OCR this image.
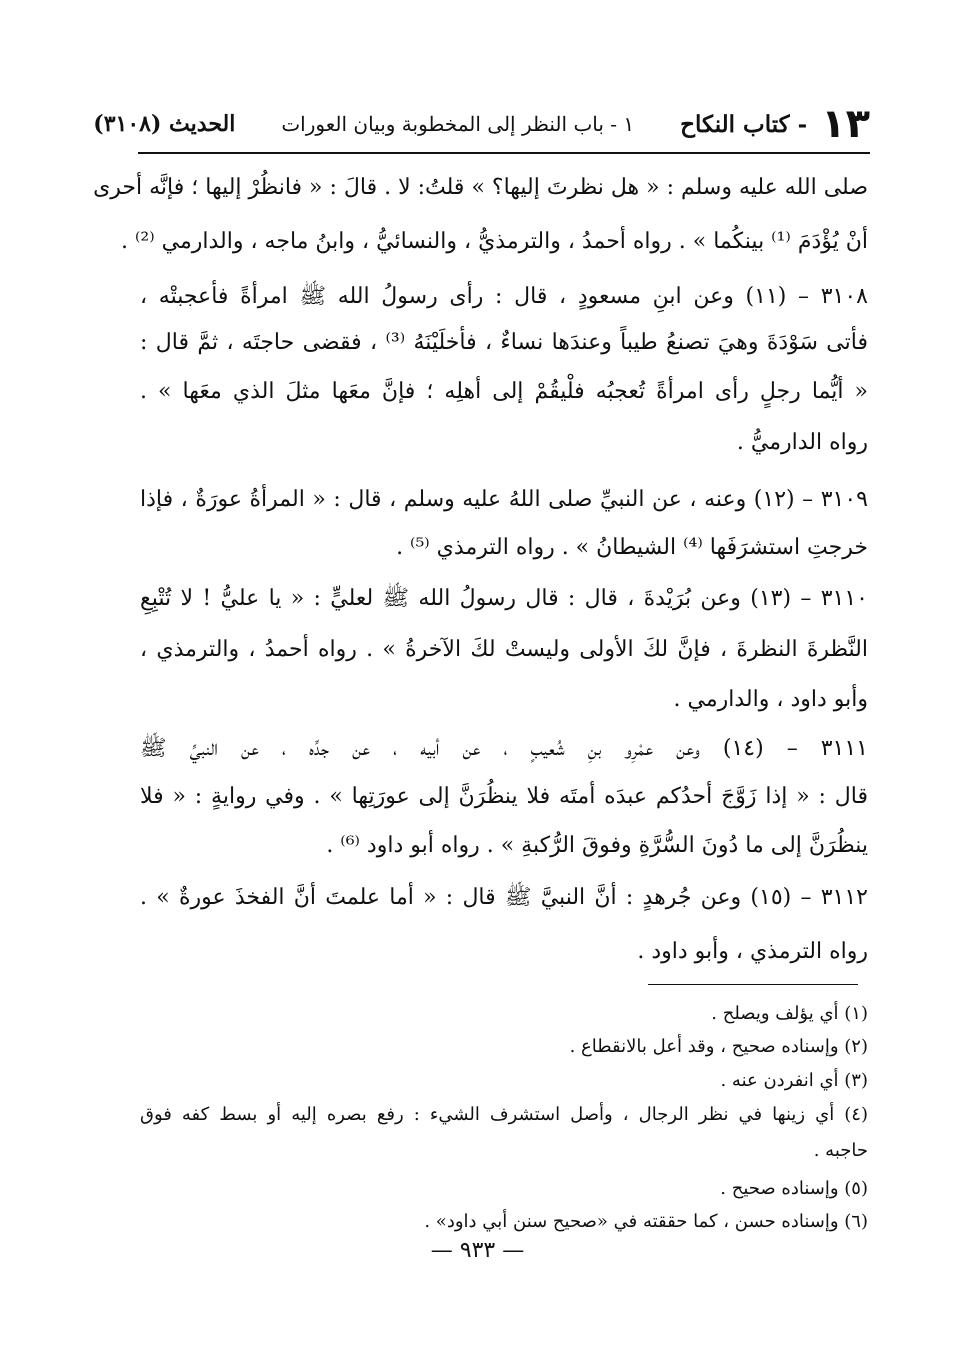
١٣
- كتاب النكاح
١ - باب النظر إلى المخطوبة وبيان العورات
الحديث (٣١٠٨)
صلى الله عليه وسلم : « هل نظرتَ إليها؟ » قلتُ: لا . قالَ : « فانظُرْ إليها ؛ فإنَّه أحرى
أنْ يُؤْدَمَ ⁽¹⁾ بينكُما » . رواه أحمدُ ، والترمذيُّ ، والنسائيُّ ، وابنُ ماجه ، والدارمي ⁽²⁾ .
٣١٠٨ – (١١) وعن ابنِ مسعودٍ ، قال : رأى رسولُ الله ﷺ امرأةً فأعجبتْه ،
فأتى سَوْدَةَ وهيَ تصنعُ طيباً وعندَها نساءٌ ، فأخلَيْنَهُ ⁽³⁾ ، فقضى حاجتَه ، ثمَّ قال :
« أيُّما رجلٍ رأى امرأةً تُعجبُه فلْيقُمْ إلى أهلِه ؛ فإنَّ معَها مثلَ الذي معَها » .
رواه الدارميُّ .
٣١٠٩ – (١٢) وعنه ، عن النبيِّ صلى اللهُ عليه وسلم ، قال : « المرأةُ عورَةٌ ، فإذا
خرجتِ استشرَفَها ⁽⁴⁾ الشيطانُ » . رواه الترمذي ⁽⁵⁾ .
٣١١٠ – (١٣) وعن بُرَيْدةَ ، قال : قال رسولُ الله ﷺ لعليٍّ : « يا عليُّ ! لا تُتْبِعِ
النَّظرةَ النظرةَ ، فإنَّ لكَ الأولى وليستْ لكَ الآخرةُ » . رواه أحمدُ ، والترمذي ،
وأبو داود ، والدارمي .
٣١١١ – (١٤) وعن عمْرِو بنِ شُعيبٍ ، عن أبيه ، عن جدِّه ، عن النبيِّ ﷺ
قال : « إذا زَوَّجَ أحدُكم عبدَه أمتَه فلا ينظُرَنَّ إلى عورَتِها » . وفي روايةٍ : « فلا
ينظُرَنَّ إلى ما دُونَ السُّرَّةِ وفوقَ الرُّكبةِ » . رواه أبو داود ⁽⁶⁾ .
٣١١٢ – (١٥) وعن جُرهدٍ : أنَّ النبيَّ ﷺ قال : « أما علمتَ أنَّ الفخذَ عورةٌ » .
رواه الترمذي ، وأبو داود .
(١) أي يؤلف ويصلح .
(٢) وإسناده صحيح ، وقد أعل بالانقطاع .
(٣) أي انفردن عنه .
(٤) أي زينها في نظر الرجال ، وأصل استشرف الشيء : رفع بصره إليه أو بسط كفه فوق
حاجبه .
(٥) وإسناده صحيح .
(٦) وإسناده حسن ، كما حققته في «صحيح سنن أبي داود» .
— ٩٣٣ —
